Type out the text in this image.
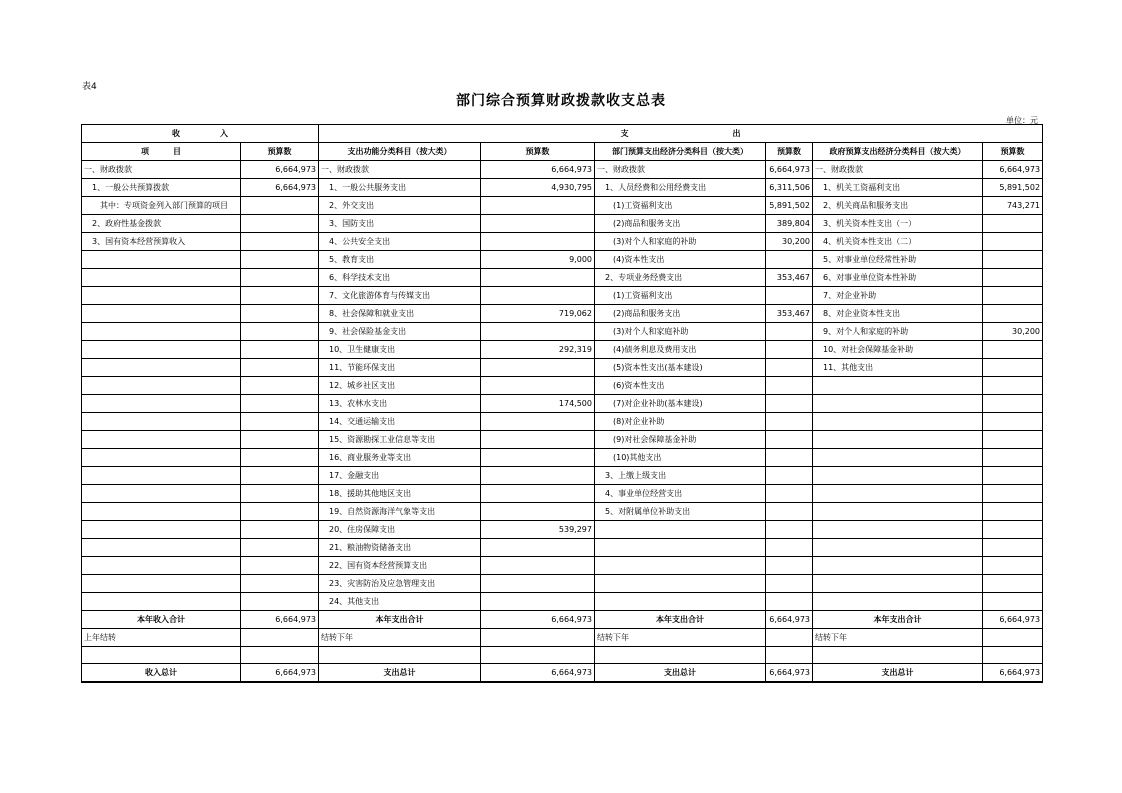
表4
部门综合预算财政拨款收支总表
单位：元
收　　　　　入		支　　　　　　　　　　　　　出					
项　　　目	预算数	支出功能分类科目（按大类）	预算数	部门预算支出经济分类科目（按大类）	预算数	政府预算支出经济分类科目（按大类）	预算数
一、财政拨款	6,664,973	一、财政拨款	6,664,973	一、财政拨款	6,664,973	一、财政拨款	6,664,973
　1、一般公共预算拨款	6,664,973	　1、一般公共服务支出	4,930,795	　1、人员经费和公用经费支出	6,311,506	　1、机关工资福利支出	5,891,502
　　其中：专项资金列入部门预算的项目		　2、外交支出		　　(1)工资福利支出	5,891,502	　2、机关商品和服务支出	743,271
　2、政府性基金拨款		　3、国防支出		　　(2)商品和服务支出	389,804	　3、机关资本性支出（一）	
　3、国有资本经营预算收入		　4、公共安全支出		　　(3)对个人和家庭的补助	30,200	　4、机关资本性支出（二）	
		　5、教育支出	9,000	　　(4)资本性支出		　5、对事业单位经常性补助	
		　6、科学技术支出		　2、专项业务经费支出	353,467	　6、对事业单位资本性补助	
		　7、文化旅游体育与传媒支出		　　(1)工资福利支出		　7、对企业补助	
		　8、社会保障和就业支出	719,062	　　(2)商品和服务支出	353,467	　8、对企业资本性支出	
		　9、社会保险基金支出		　　(3)对个人和家庭补助		　9、对个人和家庭的补助	30,200
		　10、卫生健康支出	292,319	　　(4)债务利息及费用支出		　10、对社会保障基金补助	
		　11、节能环保支出		　　(5)资本性支出(基本建设)		　11、其他支出	
		　12、城乡社区支出		　　(6)资本性支出			
		　13、农林水支出	174,500	　　(7)对企业补助(基本建设)			
		　14、交通运输支出		　　(8)对企业补助			
		　15、资源勘探工业信息等支出		　　(9)对社会保障基金补助			
		　16、商业服务业等支出		　　(10)其他支出			
		　17、金融支出		　3、上缴上级支出			
		　18、援助其他地区支出		　4、事业单位经营支出			
		　19、自然资源海洋气象等支出		　5、对附属单位补助支出			
		　20、住房保障支出	539,297				
		　21、粮油物资储备支出					
		　22、国有资本经营预算支出					
		　23、灾害防治及应急管理支出					
		　24、其他支出					
本年收入合计	6,664,973	本年支出合计	6,664,973	本年支出合计	6,664,973	本年支出合计	6,664,973
上年结转		结转下年		结转下年		结转下年	

收入总计	6,664,973	支出总计	6,664,973	支出总计	6,664,973	支出总计	6,664,973
